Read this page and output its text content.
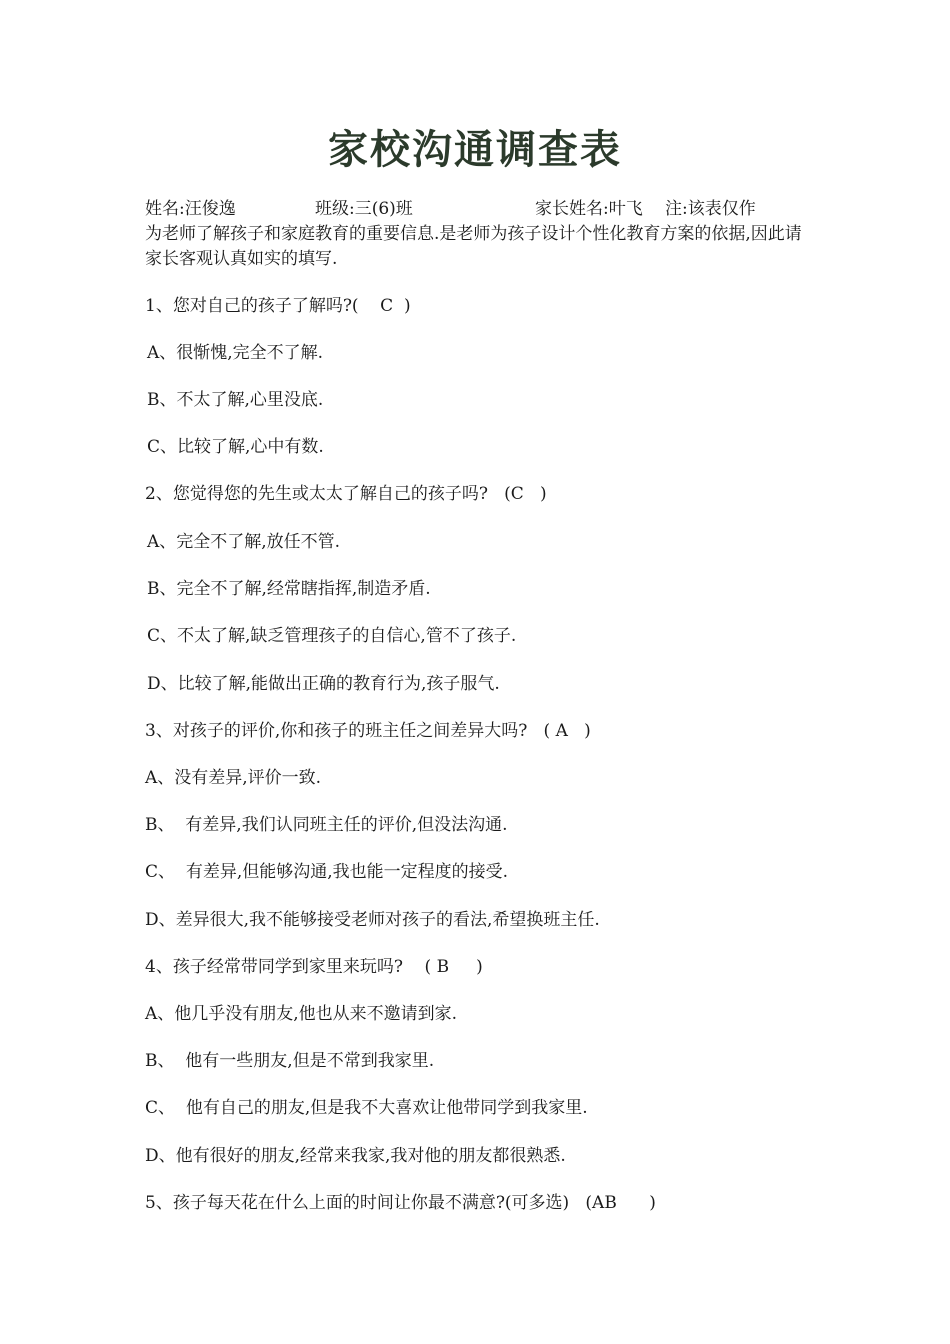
家校沟通调查表
姓名:汪俊逸	班级:三(6)班	家长姓名:叶飞 注:该表仅作
为老师了解孩子和家庭教育的重要信息.是老师为孩子设计个性化教育方案的依据,因此请家长客观认真如实的填写.
1、您对自己的孩子了解吗?(    C  )
A、很惭愧,完全不了解.
B、不太了解,心里没底.
C、比较了解,心中有数.
2、您觉得您的先生或太太了解自己的孩子吗?   (C   )
A、完全不了解,放任不管.
B、完全不了解,经常瞎指挥,制造矛盾.
C、不太了解,缺乏管理孩子的自信心,管不了孩子.
D、比较了解,能做出正确的教育行为,孩子服气.
3、对孩子的评价,你和孩子的班主任之间差异大吗?   ( A   )
A、没有差异,评价一致.
B、  有差异,我们认同班主任的评价,但没法沟通.
C、  有差异,但能够沟通,我也能一定程度的接受.
D、差异很大,我不能够接受老师对孩子的看法,希望换班主任.
4、孩子经常带同学到家里来玩吗?    ( B     )
A、他几乎没有朋友,他也从来不邀请到家.
B、  他有一些朋友,但是不常到我家里.
C、  他有自己的朋友,但是我不大喜欢让他带同学到我家里.
D、他有很好的朋友,经常来我家,我对他的朋友都很熟悉.
5、孩子每天花在什么上面的时间让你最不满意?(可多选)   (AB      )
